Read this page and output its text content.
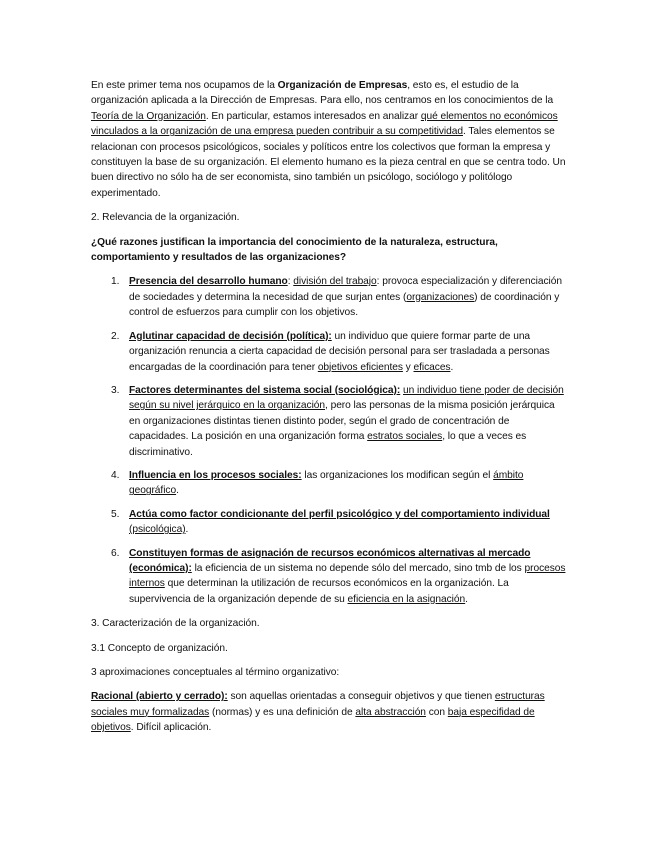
En este primer tema nos ocupamos de la Organización de Empresas, esto es, el estudio de la organización aplicada a la Dirección de Empresas. Para ello, nos centramos en los conocimientos de la Teoría de la Organización. En particular, estamos interesados en analizar qué elementos no económicos vinculados a la organización de una empresa pueden contribuir a su competitividad. Tales elementos se relacionan con procesos psicológicos, sociales y políticos entre los colectivos que forman la empresa y constituyen la base de su organización. El elemento humano es la pieza central en que se centra todo. Un buen directivo no sólo ha de ser economista, sino también un psicólogo, sociólogo y politólogo experimentado.

2. Relevancia de la organización.

¿Qué razones justifican la importancia del conocimiento de la naturaleza, estructura, comportamiento y resultados de las organizaciones?

1. Presencia del desarrollo humano: división del trabajo: provoca especialización y diferenciación de sociedades y determina la necesidad de que surjan entes (organizaciones) de coordinación y control de esfuerzos para cumplir con los objetivos.
2. Aglutinar capacidad de decisión (política): un individuo que quiere formar parte de una organización renuncia a cierta capacidad de decisión personal para ser trasladada a personas encargadas de la coordinación para tener objetivos eficientes y eficaces.
3. Factores determinantes del sistema social (sociológica): un individuo tiene poder de decisión según su nivel jerárquico en la organización, pero las personas de la misma posición jerárquica en organizaciones distintas tienen distinto poder, según el grado de concentración de capacidades. La posición en una organización forma estratos sociales, lo que a veces es discriminativo.
4. Influencia en los procesos sociales: las organizaciones los modifican según el ámbito geográfico.
5. Actúa como factor condicionante del perfil psicológico y del comportamiento individual (psicológica).
6. Constituyen formas de asignación de recursos económicos alternativas al mercado (económica): la eficiencia de un sistema no depende sólo del mercado, sino tmb de los procesos internos que determinan la utilización de recursos económicos en la organización. La supervivencia de la organización depende de su eficiencia en la asignación.

3. Caracterización de la organización.

3.1 Concepto de organización.

3 aproximaciones conceptuales al término organizativo:

Racional (abierto y cerrado): son aquellas orientadas a conseguir objetivos y que tienen estructuras sociales muy formalizadas (normas) y es una definición de alta abstracción con baja especifidad de objetivos. Difícil aplicación.
